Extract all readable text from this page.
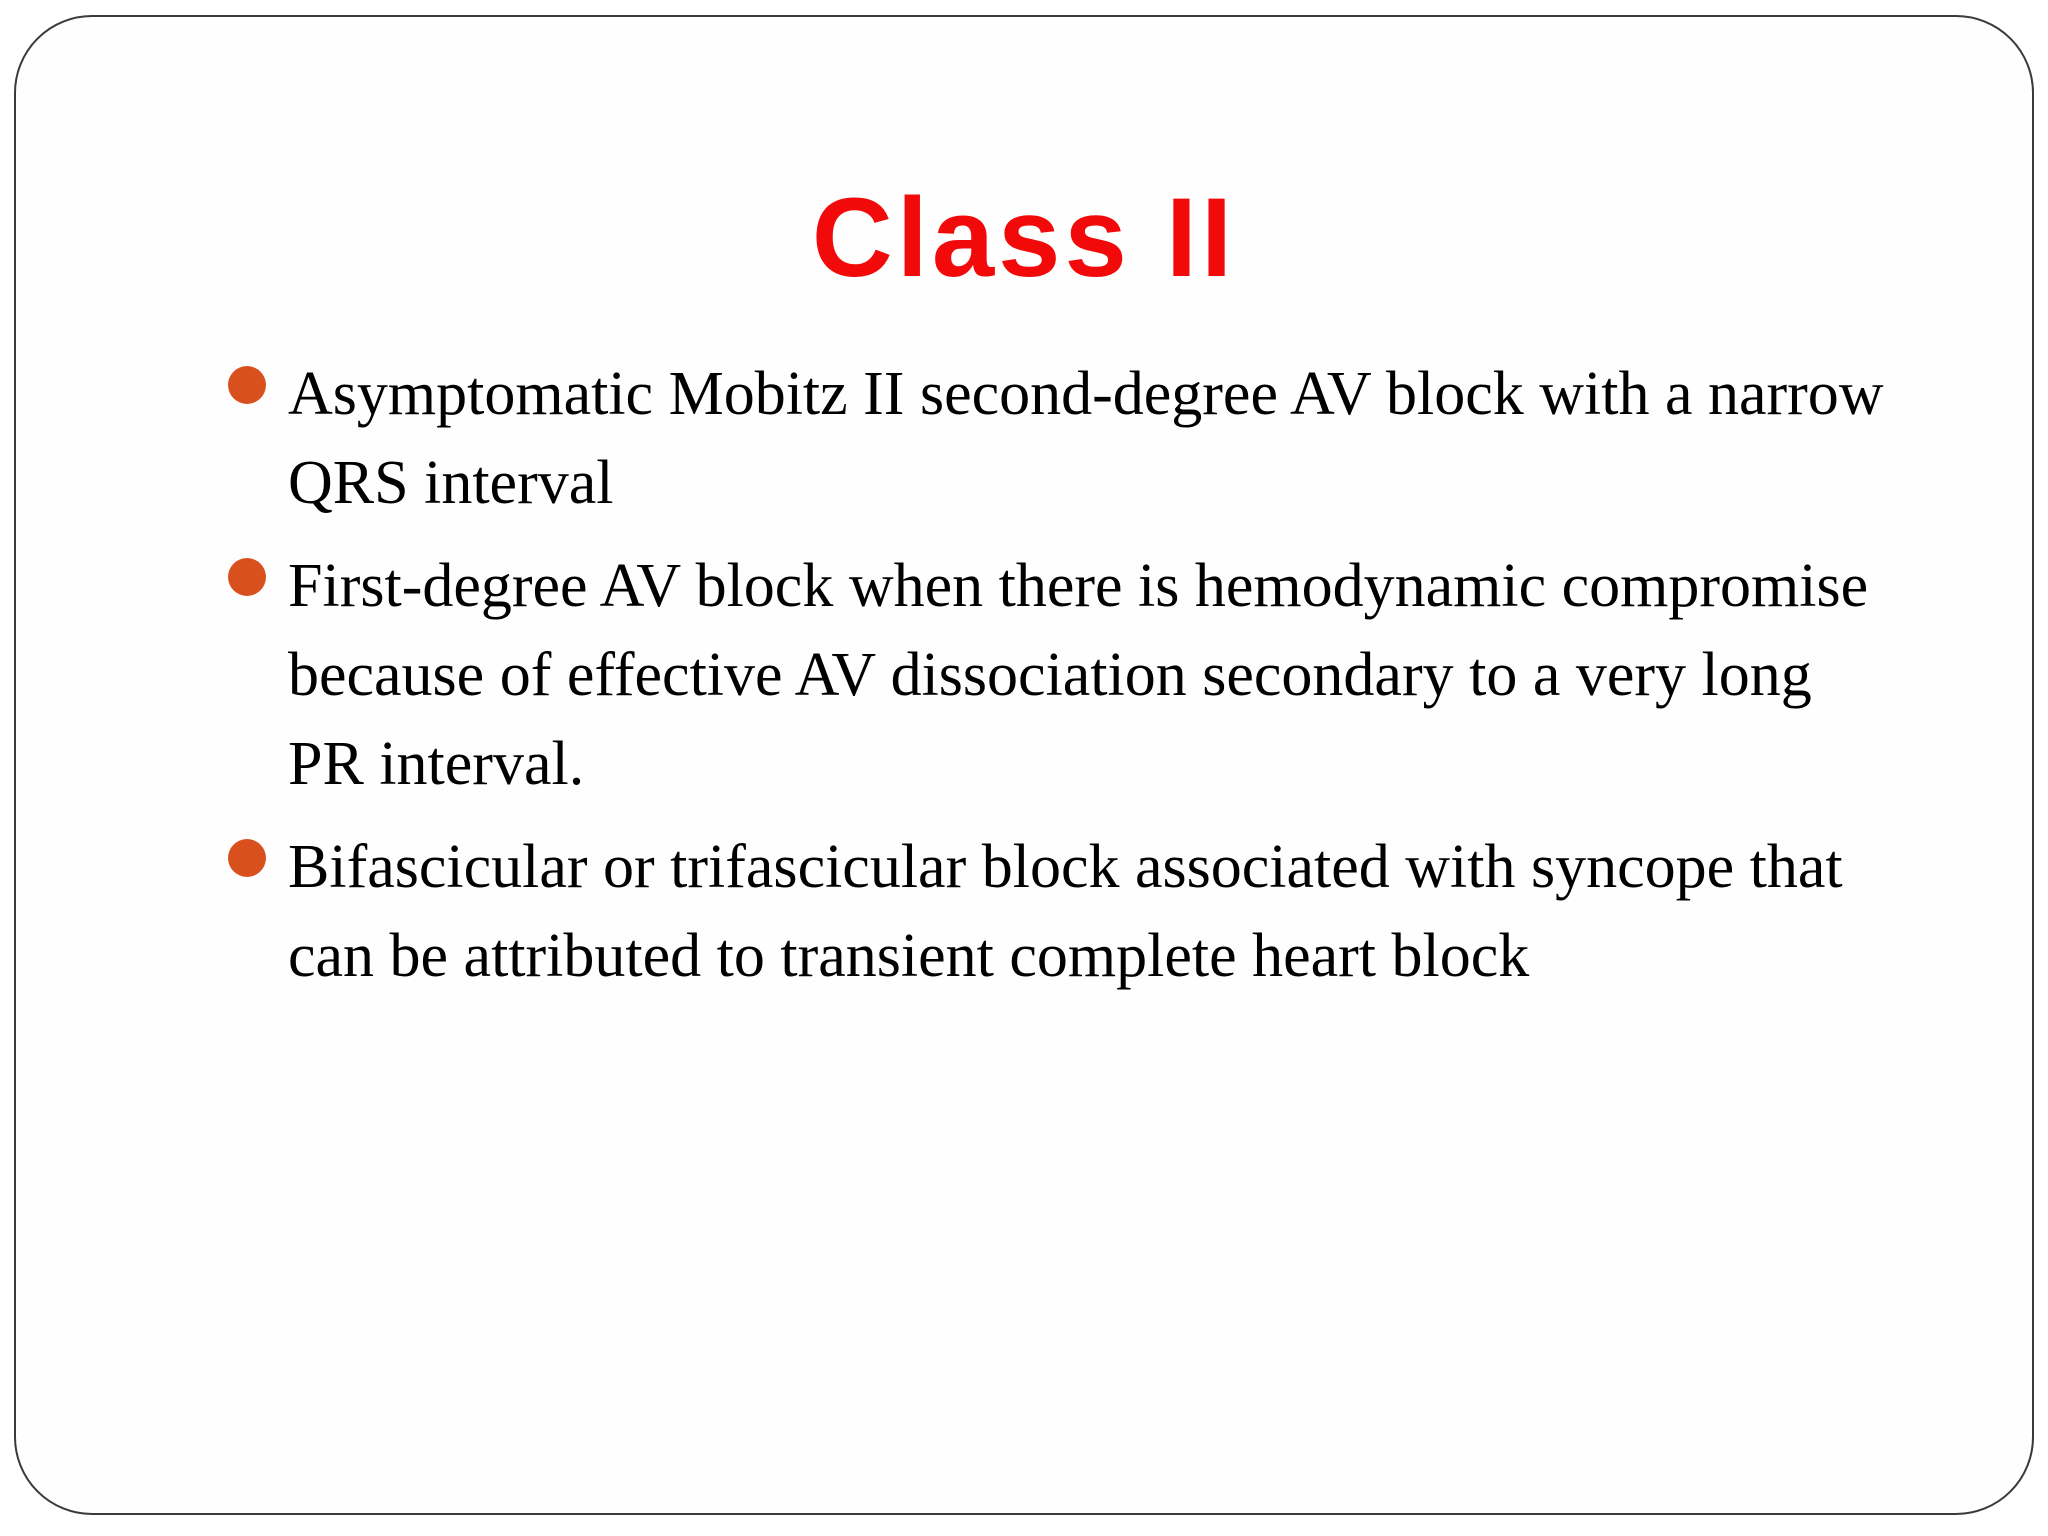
Class II
Asymptomatic Mobitz II second-degree AV block with a narrow QRS interval
First-degree AV block when there is hemodynamic compromise because of effective AV dissociation secondary to a very long PR interval.
Bifascicular or trifascicular block associated with syncope that can be attributed to transient complete heart block
